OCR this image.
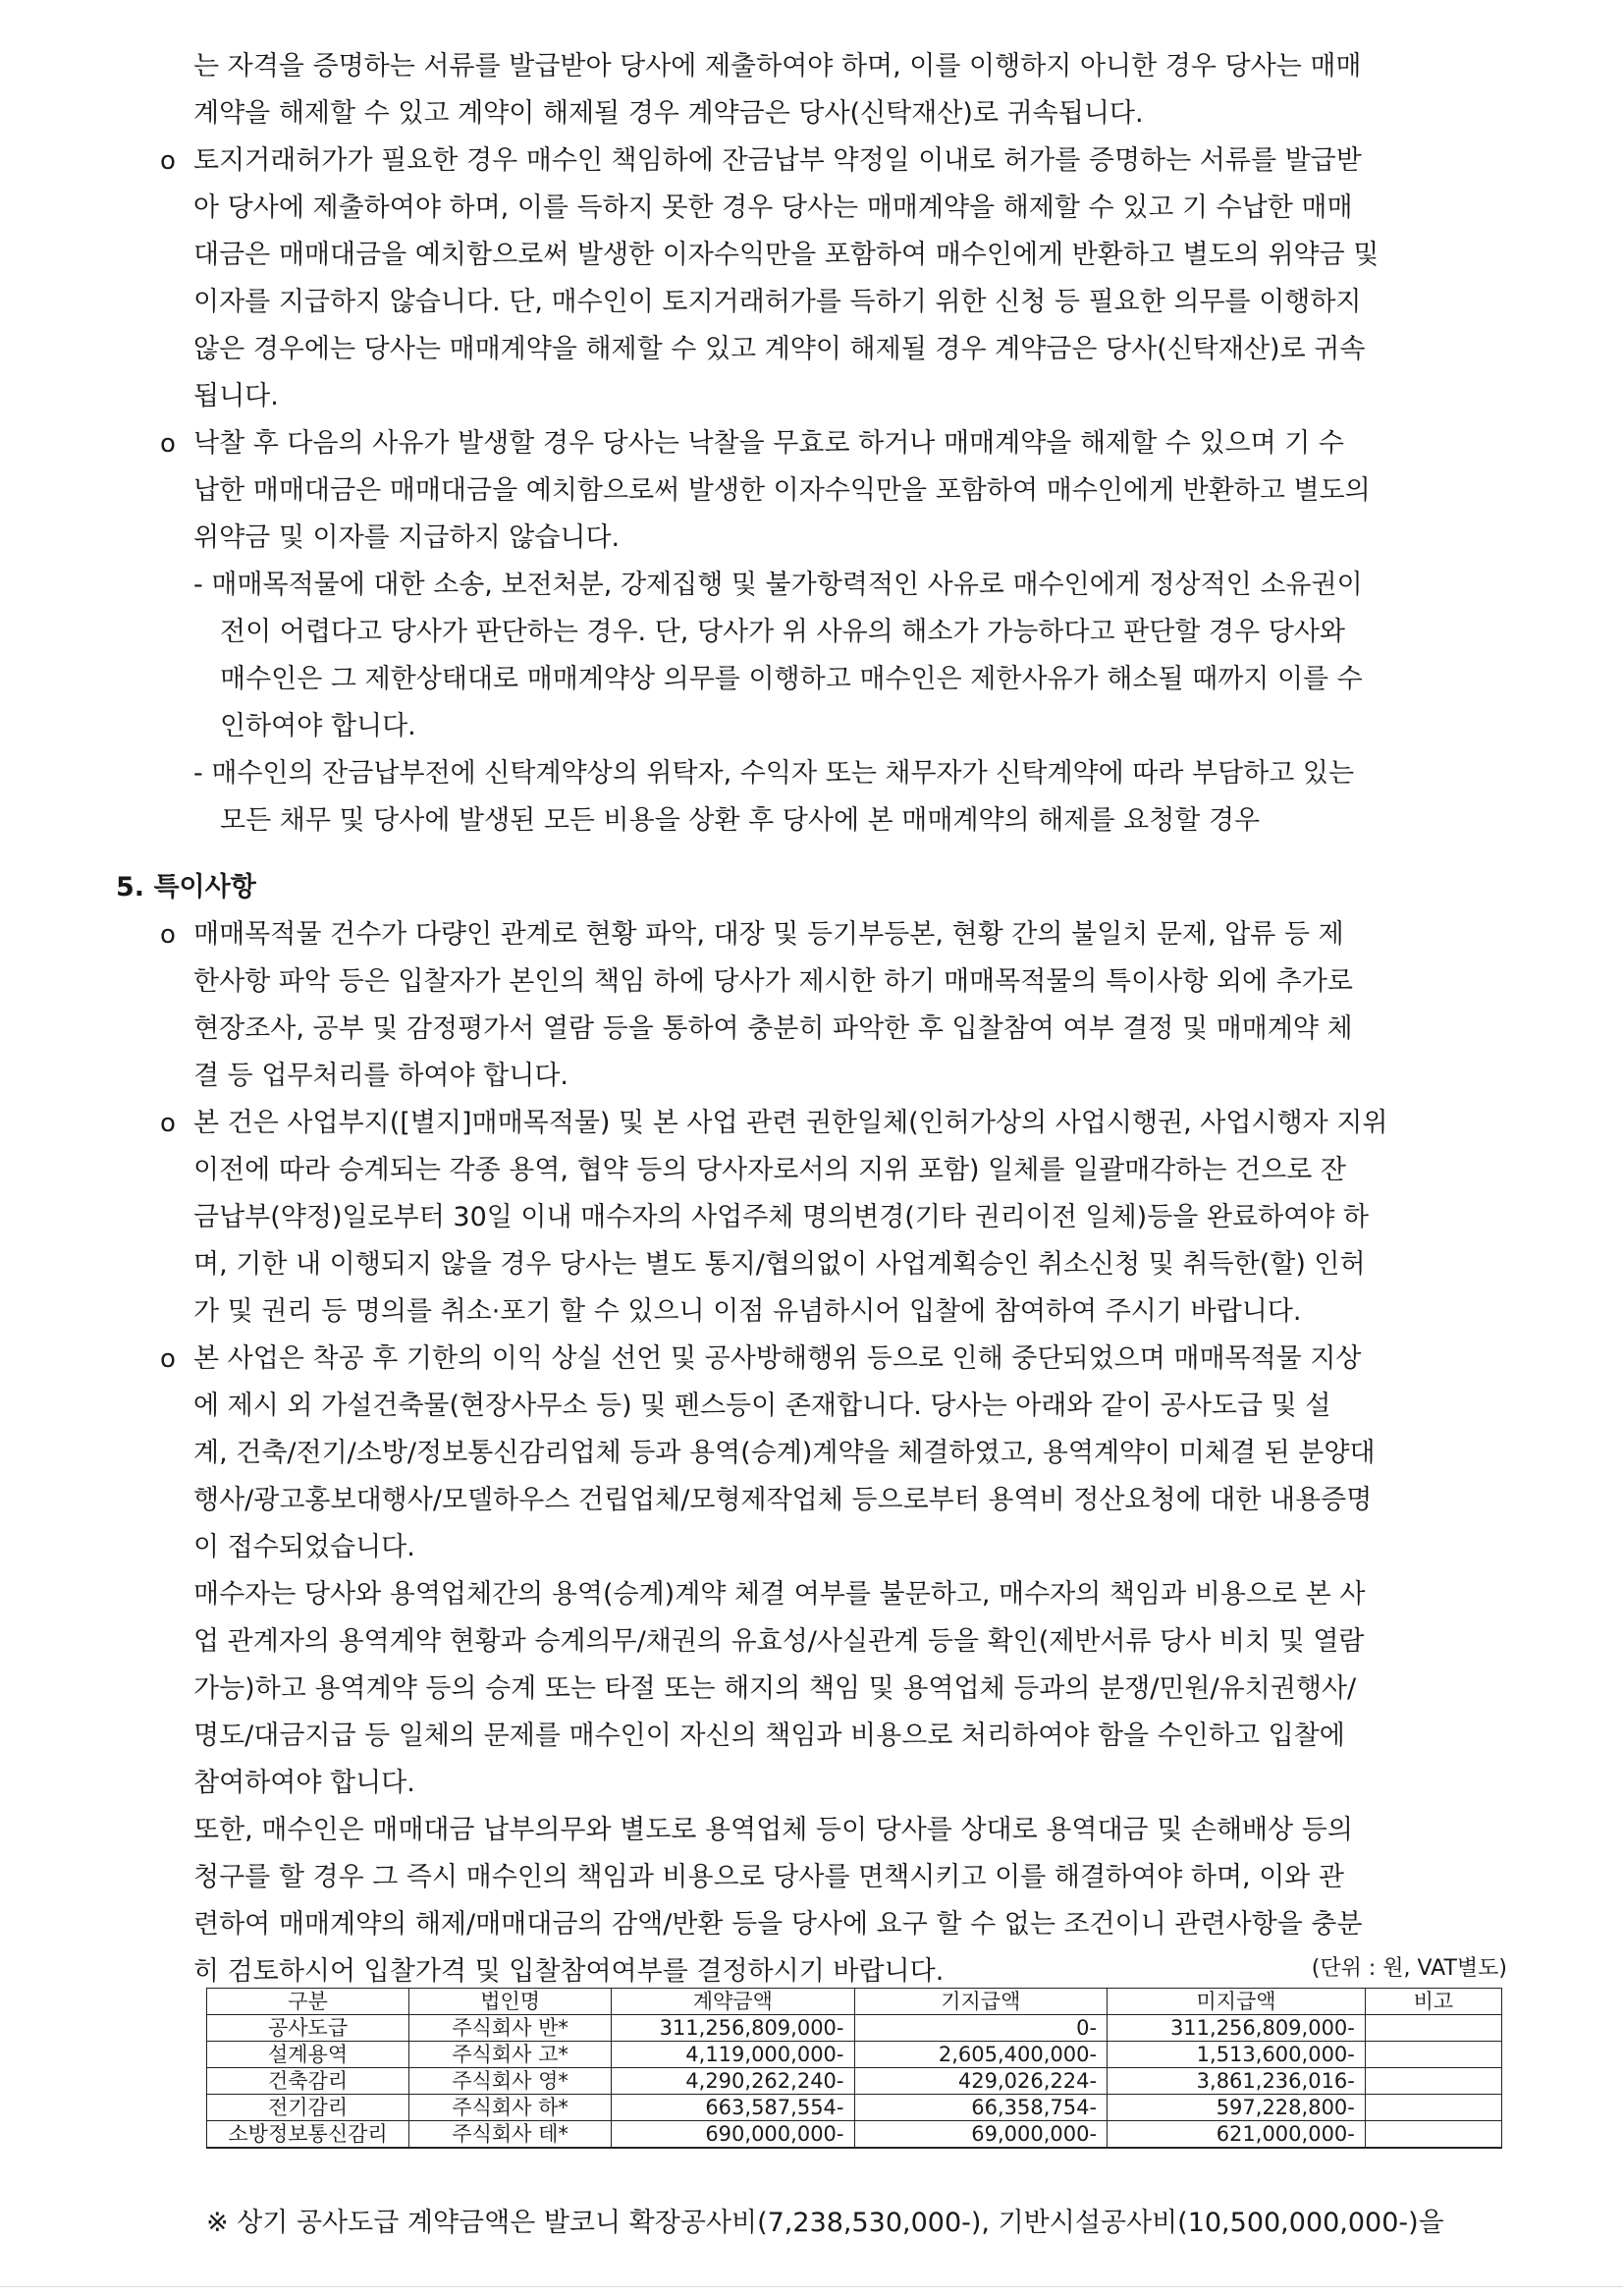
는 자격을 증명하는 서류를 발급받아 당사에 제출하여야 하며, 이를 이행하지 아니한 경우 당사는 매매
계약을 해제할 수 있고 계약이 해제될 경우 계약금은 당사(신탁재산)로 귀속됩니다.
o 토지거래허가가 필요한 경우 매수인 책임하에 잔금납부 약정일 이내로 허가를 증명하는 서류를 발급받
아 당사에 제출하여야 하며, 이를 득하지 못한 경우 당사는 매매계약을 해제할 수 있고 기 수납한 매매
대금은 매매대금을 예치함으로써 발생한 이자수익만을 포함하여 매수인에게 반환하고 별도의 위약금 및
이자를 지급하지 않습니다. 단, 매수인이 토지거래허가를 득하기 위한 신청 등 필요한 의무를 이행하지
않은 경우에는 당사는 매매계약을 해제할 수 있고 계약이 해제될 경우 계약금은 당사(신탁재산)로 귀속
됩니다.
o 낙찰 후 다음의 사유가 발생할 경우 당사는 낙찰을 무효로 하거나 매매계약을 해제할 수 있으며 기 수
납한 매매대금은 매매대금을 예치함으로써 발생한 이자수익만을 포함하여 매수인에게 반환하고 별도의
위약금 및 이자를 지급하지 않습니다.
- 매매목적물에 대한 소송, 보전처분, 강제집행 및 불가항력적인 사유로 매수인에게 정상적인 소유권이
전이 어렵다고 당사가 판단하는 경우. 단, 당사가 위 사유의 해소가 가능하다고 판단할 경우 당사와
매수인은 그 제한상태대로 매매계약상 의무를 이행하고 매수인은 제한사유가 해소될 때까지 이를 수
인하여야 합니다.
- 매수인의 잔금납부전에 신탁계약상의 위탁자, 수익자 또는 채무자가 신탁계약에 따라 부담하고 있는
모든 채무 및 당사에 발생된 모든 비용을 상환 후 당사에 본 매매계약의 해제를 요청할 경우
5. 특이사항
o 매매목적물 건수가 다량인 관계로 현황 파악, 대장 및 등기부등본, 현황 간의 불일치 문제, 압류 등 제
한사항 파악 등은 입찰자가 본인의 책임 하에 당사가 제시한 하기 매매목적물의 특이사항 외에 추가로
현장조사, 공부 및 감정평가서 열람 등을 통하여 충분히 파악한 후 입찰참여 여부 결정 및 매매계약 체
결 등 업무처리를 하여야 합니다.
o 본 건은 사업부지([별지]매매목적물) 및 본 사업 관련 권한일체(인허가상의 사업시행권, 사업시행자 지위
이전에 따라 승계되는 각종 용역, 협약 등의 당사자로서의 지위 포함) 일체를 일괄매각하는 건으로 잔
금납부(약정)일로부터 30일 이내 매수자의 사업주체 명의변경(기타 권리이전 일체)등을 완료하여야 하
며, 기한 내 이행되지 않을 경우 당사는 별도 통지/협의없이 사업계획승인 취소신청 및 취득한(할) 인허
가 및 권리 등 명의를 취소·포기 할 수 있으니 이점 유념하시어 입찰에 참여하여 주시기 바랍니다.
o 본 사업은 착공 후 기한의 이익 상실 선언 및 공사방해행위 등으로 인해 중단되었으며 매매목적물 지상
에 제시 외 가설건축물(현장사무소 등) 및 펜스등이 존재합니다. 당사는 아래와 같이 공사도급 및 설
계, 건축/전기/소방/정보통신감리업체 등과 용역(승계)계약을 체결하였고, 용역계약이 미체결 된 분양대
행사/광고홍보대행사/모델하우스 건립업체/모형제작업체 등으로부터 용역비 정산요청에 대한 내용증명
이 접수되었습니다.
매수자는 당사와 용역업체간의 용역(승계)계약 체결 여부를 불문하고, 매수자의 책임과 비용으로 본 사
업 관계자의 용역계약 현황과 승계의무/채권의 유효성/사실관계 등을 확인(제반서류 당사 비치 및 열람
가능)하고 용역계약 등의 승계 또는 타절 또는 해지의 책임 및 용역업체 등과의 분쟁/민원/유치권행사/
명도/대금지급 등 일체의 문제를 매수인이 자신의 책임과 비용으로 처리하여야 함을 수인하고 입찰에
참여하여야 합니다.
또한, 매수인은 매매대금 납부의무와 별도로 용역업체 등이 당사를 상대로 용역대금 및 손해배상 등의
청구를 할 경우 그 즉시 매수인의 책임과 비용으로 당사를 면책시키고 이를 해결하여야 하며, 이와 관
련하여 매매계약의 해제/매매대금의 감액/반환 등을 당사에 요구 할 수 없는 조건이니 관련사항을 충분
히 검토하시어 입찰가격 및 입찰참여여부를 결정하시기 바랍니다.	(단위 : 원, VAT별도)
구분	법인명	계약금액	기지급액	미지급액	비고
공사도급	주식회사 반*	311,256,809,000-	0-	311,256,809,000-	
설계용역	주식회사 고*	4,119,000,000-	2,605,400,000-	1,513,600,000-	
건축감리	주식회사 영*	4,290,262,240-	429,026,224-	3,861,236,016-	
전기감리	주식회사 하*	663,587,554-	66,358,754-	597,228,800-	
소방정보통신감리	주식회사 테*	690,000,000-	69,000,000-	621,000,000-	
※ 상기 공사도급 계약금액은 발코니 확장공사비(7,238,530,000-), 기반시설공사비(10,500,000,000-)을
